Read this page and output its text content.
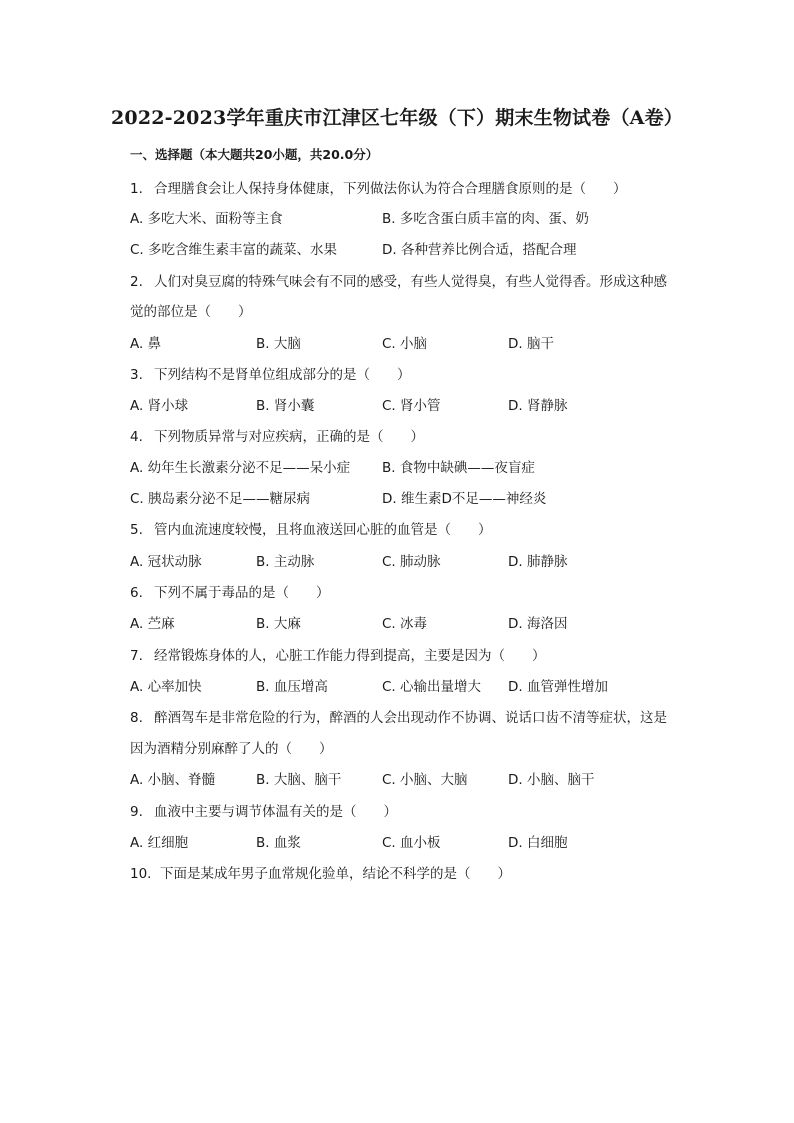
2022-2023学年重庆市江津区七年级（下）期末生物试卷（A卷）
一、选择题（本大题共20小题，共20.0分）
1. 合理膳食会让人保持身体健康，下列做法你认为符合合理膳食原则的是（　　）
A. 多吃大米、面粉等主食	B. 多吃含蛋白质丰富的肉、蛋、奶
C. 多吃含维生素丰富的蔬菜、水果	D. 各种营养比例合适，搭配合理
2. 人们对臭豆腐的特殊气味会有不同的感受，有些人觉得臭，有些人觉得香。形成这种感
觉的部位是（　　）
A. 鼻	B. 大脑	C. 小脑	D. 脑干
3. 下列结构不是肾单位组成部分的是（　　）
A. 肾小球	B. 肾小囊	C. 肾小管	D. 肾静脉
4. 下列物质异常与对应疾病，正确的是（　　）
A. 幼年生长激素分泌不足——呆小症 B. 食物中缺碘——夜盲症
C. 胰岛素分泌不足——糖尿病	D. 维生素D不足——神经炎
5. 管内血流速度较慢，且将血液送回心脏的血管是（　　）
A. 冠状动脉	B. 主动脉	C. 肺动脉	D. 肺静脉
6. 下列不属于毒品的是（　　）
A. 苎麻	B. 大麻	C. 冰毒	D. 海洛因
7. 经常锻炼身体的人，心脏工作能力得到提高，主要是因为（　　）
A. 心率加快	B. 血压增高	C. 心输出量增大 D. 血管弹性增加
8. 醉酒驾车是非常危险的行为，醉酒的人会出现动作不协调、说话口齿不清等症状，这是
因为酒精分别麻醉了人的（　　）
A. 小脑、脊髓	B. 大脑、脑干	C. 小脑、大脑	D. 小脑、脑干
9. 血液中主要与调节体温有关的是（　　）
A. 红细胞	B. 血浆	C. 血小板	D. 白细胞
10. 下面是某成年男子血常规化验单，结论不科学的是（　　）
